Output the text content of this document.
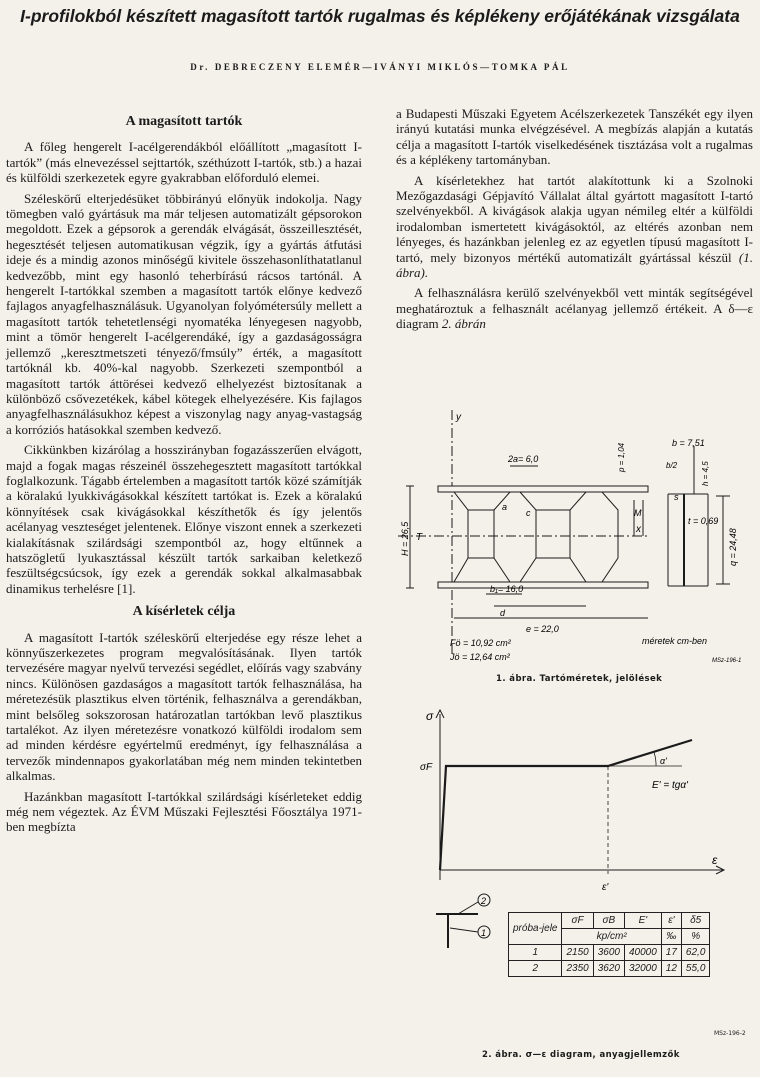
I-profilokból készített magasított tartók rugalmas és képlékeny erőjátékának vizsgálata
Dr. DEBRECZENY ELEMÉR—IVÁNYI MIKLÓS—TOMKA PÁL
A magasított tartók

A főleg hengerelt I-acélgerendákból előállított „magasított I-tartók” (más elnevezéssel sejttartók, széthúzott I-tartók, stb.) a hazai és külföldi szerkezetek egyre gyakrabban előforduló elemei.

Széleskörű elterjedésüket többirányú előnyük indokolja. Nagy tömegben való gyártásuk ma már teljesen automatizált gépsorokon megoldott. Ezek a gépsorok a gerendák elvágását, összeillesztését, hegesztését teljesen automatikusan végzik, így a gyártás átfutási ideje és a mindig azonos minőségű kivitele összehasonlíthatatlanul kedvezőbb, mint egy hasonló teherbírású rácsos tartónál. A hengerelt I-tartókkal szemben a magasított tartók előnye kedvező fajlagos anyagfelhasználásuk. Ugyanolyan folyómétersúly mellett a magasított tartók tehetetlenségi nyomatéka lényegesen nagyobb, mint a tömör hengerelt I-acélgerendáké, így a gazdaságosságra jellemző „keresztmetszeti tényező/fmsúly” érték, a magasított tartóknál kb. 40%-kal nagyobb. Szerkezeti szempontból a magasított tartók áttörései kedvező elhelyezést biztosítanak a különböző csővezetékek, kábel kötegek elhelyezésére. Kis fajlagos anyagfelhasználásukhoz képest a viszonylag nagy anyag-vastagság a korróziós hatásokkal szemben kedvező.

Cikkünkben kizárólag a hosszirányban fogazásszerűen elvágott, majd a fogak magas részeinél összehegesztett magasított tartókkal foglalkozunk. Tágabb értelemben a magasított tartók közé számítják a köralakú lyukkivágásokkal készített tartókat is. Ezek a köralakú könnyítések csak kivágásokkal készíthetők és így jelentős acélanyag veszteséget jelentenek. Előnye viszont ennek a szerkezeti kialakításnak szilárdsági szempontból az, hogy eltűnnek a hatszögletű lyukasztással készült tartók sarkaiban keletkező feszültségcsúcsok, így ezek a gerendák sokkal alkalmasabbak dinamikus terhelésre [1].

A kísérletek célja

A magasított I-tartók széleskörű elterjedése egy része lehet a könnyűszerkezetes program megvalósításának. Ilyen tartók tervezésére magyar nyelvű tervezési segédlet, előírás vagy szabvány nincs. Különösen gazdaságos a magasított tartók felhasználása, ha méretezésük plasztikus elven történik, felhasználva a gerendákban, mint belsőleg sokszorosan határozatlan tartókban levő plasztikus tartalékot. Az ilyen méretezésre vonatkozó külföldi irodalom sem ad minden kérdésre egyértelmű eredményt, így felhasználása a tervezők mindennapos gyakorlatában még nem minden tekintetben alkalmas.

Hazánkban magasított I-tartókkal szilárdsági kísérleteket eddig még nem végeztek. Az ÉVM Műszaki Fejlesztési Főosztálya 1971-ben megbízta

a Budapesti Műszaki Egyetem Acélszerkezetek Tanszékét egy ilyen irányú kutatási munka elvégzésével. A megbízás alapján a kutatás célja a magasított I-tartók viselkedésének tisztázása volt a rugalmas és a képlékeny tartományban.

A kísérletekhez hat tartót alakítottunk ki a Szolnoki Mezőgazdasági Gépjavító Vállalat által gyártott magasított I-tartó szelvényekből. A kivágások alakja ugyan némileg eltér a külföldi irodalomban ismertetett kivágásoktól, az eltérés azonban nem lényeges, és hazánkban jelenleg ez az egyetlen típusú magasított I-tartó, mely bizonyos mértékű automatizált gyártással készül (1. ábra).

A felhasználásra kerülő szelvényekből vett minták segítségével meghatároztuk a felhasznált acélanyag jellemző értékeit. A δ—ε diagram 2. ábrán

y
x
2a= 6,0
b₁= 16,0
e = 22,0
d
H = 26,5
b = 7,51
b/2
t = 0,69
T
M
s
a
c
q = 24,48
h = 4,5
p = 1,04
méretek cm-ben
Fö = 10,92 cm²
Jö = 12,64 cm²	MSz-196-1
1. ábra. Tartóméretek, jelölések
σ
σF
ε
ε'
α'
E' = tgα'
2
1	próba-jele	σF	σB	E'	ε'	δ5
	kp/cm²			‰	%
1	2150	3600	40000	17	62,0
2	2350	3620	32000	12	55,0
MSz-196-2
2. ábra. σ—ε diagram, anyagjellemzők
